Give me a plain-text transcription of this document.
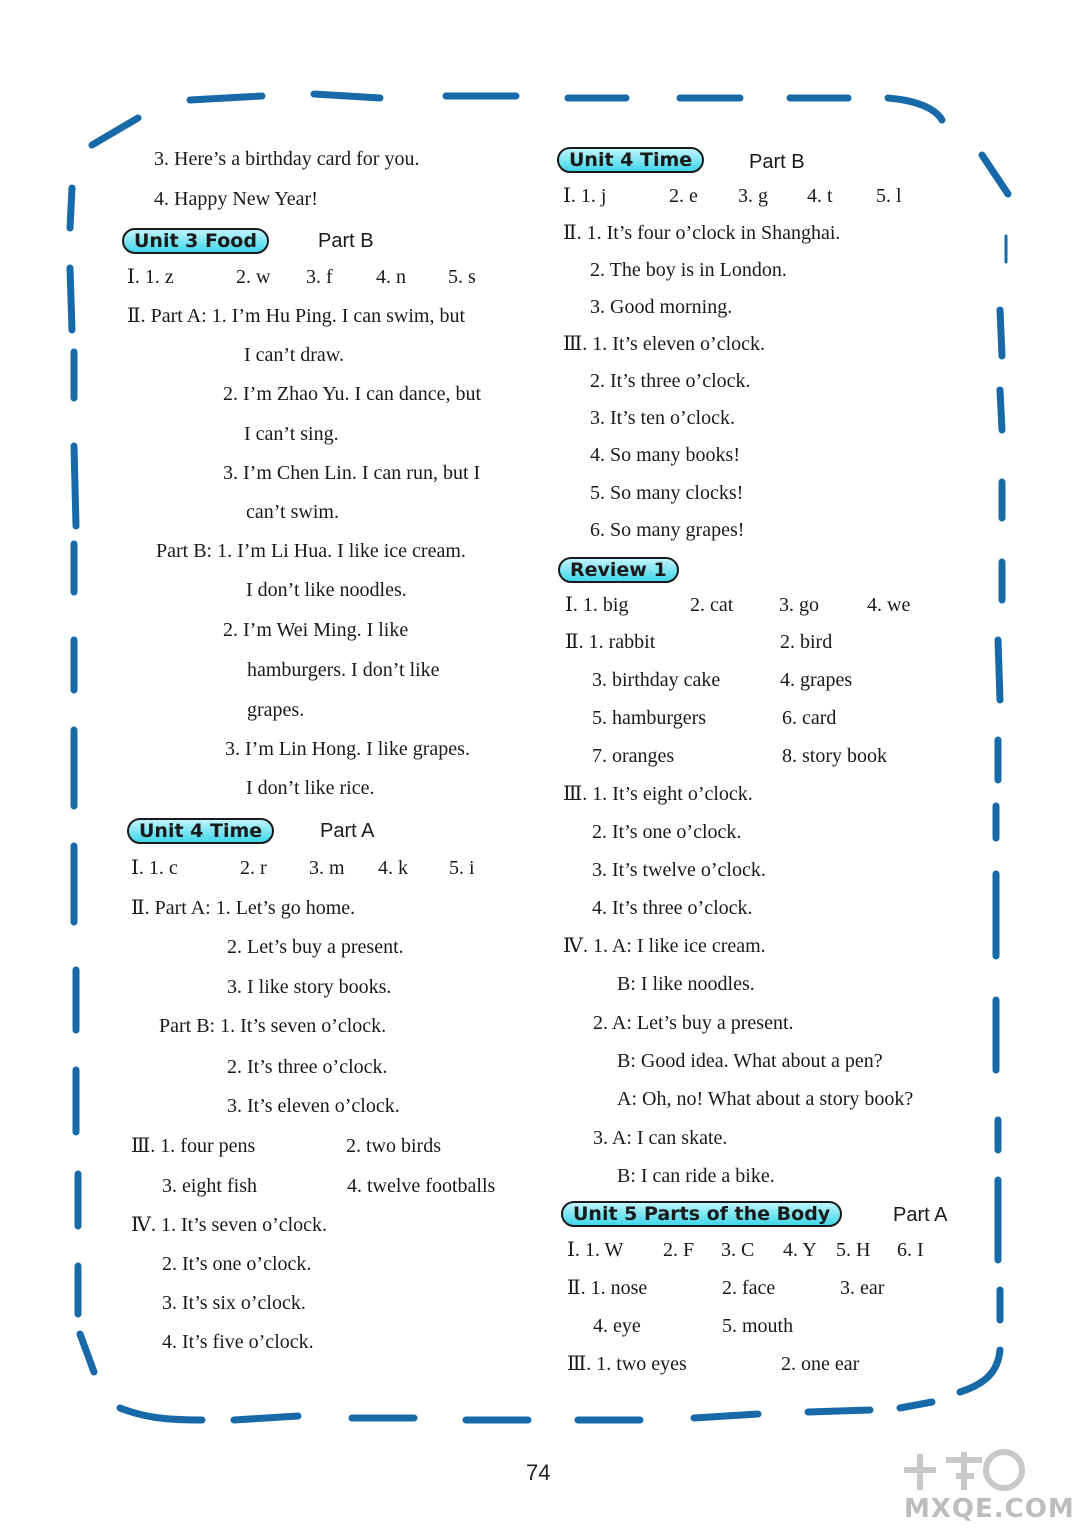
74
MXQE.COM
3. Here’s a birthday card for you.
4. Happy New Year!
Unit 3 Food	Part B
Ⅰ. 1. z	2. w 3. f 4. n 5. s
Ⅱ. Part A: 1. I’m Hu Ping. I can swim, but
I can’t draw.
2. I’m Zhao Yu. I can dance, but
I can’t sing.
3. I’m Chen Lin. I can run, but I
can’t swim.
Part B: 1. I’m Li Hua. I like ice cream.
I don’t like noodles.
2. I’m Wei Ming. I like
hamburgers. I don’t like
grapes.
3. I’m Lin Hong. I like grapes.
I don’t like rice.
Unit 4 Time	Part A
Ⅰ. 1. c	2. r 3. m 4. k 5. i
Ⅱ. Part A: 1. Let’s go home.
2. Let’s buy a present.
3. I like story books.
Part B: 1. It’s seven o’clock.
2. It’s three o’clock.
3. It’s eleven o’clock.
Ⅲ. 1. four pens	2. two birds
3. eight fish	4. twelve footballs
Ⅳ. 1. It’s seven o’clock.
2. It’s one o’clock.
3. It’s six o’clock.
4. It’s five o’clock.
Unit 4 Time	Part B
Ⅰ. 1. j	2. e 3. g 4. t 5. l
Ⅱ. 1. It’s four o’clock in Shanghai.
2. The boy is in London.
3. Good morning.
Ⅲ. 1. It’s eleven o’clock.
2. It’s three o’clock.
3. It’s ten o’clock.
4. So many books!
5. So many clocks!
6. So many grapes!
Review 1
Ⅰ. 1. big	2. cat 3. go 4. we
Ⅱ. 1. rabbit	2. bird
3. birthday cake	4. grapes
5. hamburgers	6. card
7. oranges	8. story book
Ⅲ. 1. It’s eight o’clock.
2. It’s one o’clock.
3. It’s twelve o’clock.
4. It’s three o’clock.
Ⅳ. 1. A: I like ice cream.
B: I like noodles.
2. A: Let’s buy a present.
B: Good idea. What about a pen?
A: Oh, no! What about a story book?
3. A: I can skate.
B: I can ride a bike.
Unit 5 Parts of the Body	Part A
Ⅰ. 1. W 2. F 3. C 4. Y 5. H 6. I
Ⅱ. 1. nose	2. face	3. ear
4. eye	5. mouth
Ⅲ. 1. two eyes	2. one ear
